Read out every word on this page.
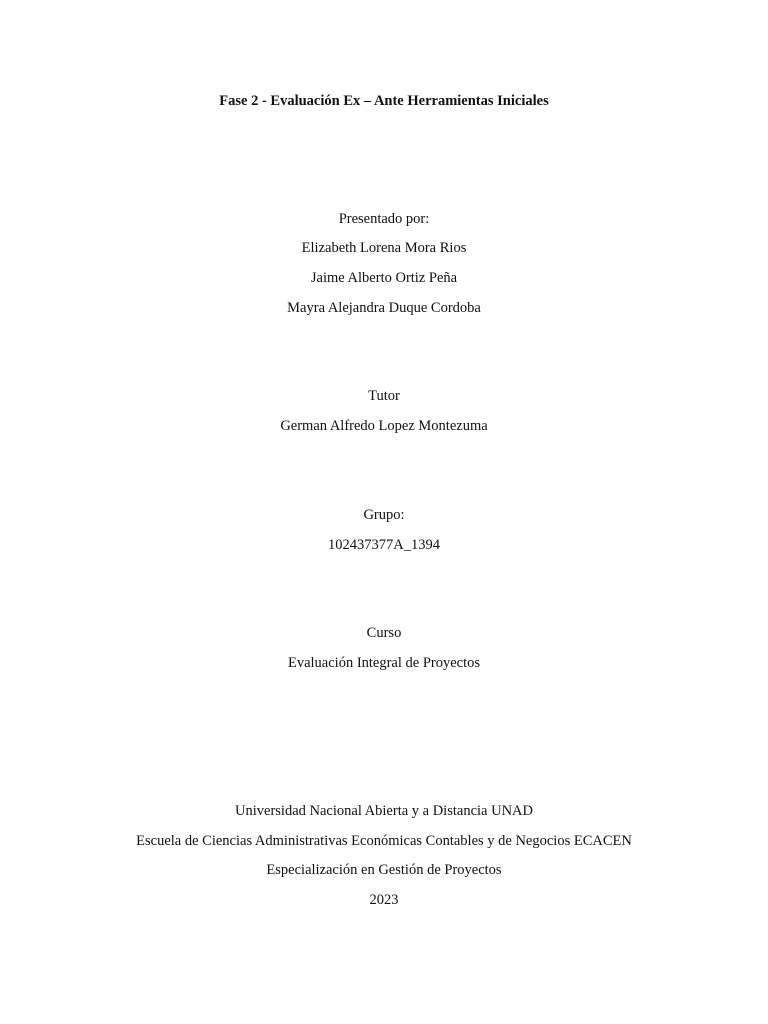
Fase 2 - Evaluación Ex – Ante Herramientas Iniciales
Presentado por:
Elizabeth Lorena Mora Rios
Jaime Alberto Ortiz Peña
Mayra Alejandra Duque Cordoba
Tutor
German Alfredo Lopez Montezuma
Grupo:
102437377A_1394
Curso
Evaluación Integral de Proyectos
Universidad Nacional Abierta y a Distancia UNAD
Escuela de Ciencias Administrativas Económicas Contables y de Negocios ECACEN
Especialización en Gestión de Proyectos
2023
